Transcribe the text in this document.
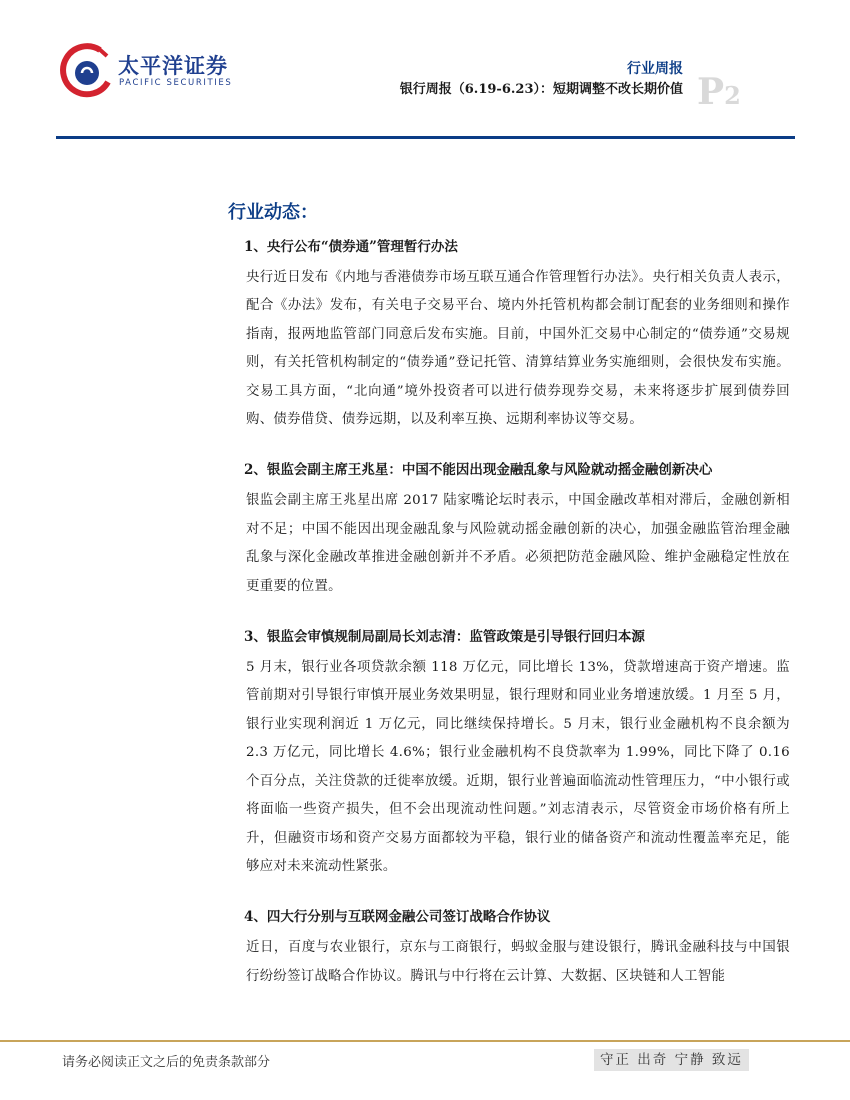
太平洋证券
PACIFIC SECURITIES
行业周报
银行周报（6.19-6.23）：短期调整不改长期价值 P2
行业动态：
1、央行公布“债券通”管理暂行办法
央行近日发布《内地与香港债券市场互联互通合作管理暂行办法》。央行相关负责人表示，配合《办法》发布，有关电子交易平台、境内外托管机构都会制订配套的业务细则和操作指南，报两地监管部门同意后发布实施。目前，中国外汇交易中心制定的“债券通”交易规则，有关托管机构制定的“债券通”登记托管、清算结算业务实施细则，会很快发布实施。交易工具方面，“北向通”境外投资者可以进行债券现券交易，未来将逐步扩展到债券回购、债券借贷、债券远期，以及利率互换、远期利率协议等交易。
2、银监会副主席王兆星：中国不能因出现金融乱象与风险就动摇金融创新决心
银监会副主席王兆星出席 2017 陆家嘴论坛时表示，中国金融改革相对滞后，金融创新相对不足；中国不能因出现金融乱象与风险就动摇金融创新的决心，加强金融监管治理金融乱象与深化金融改革推进金融创新并不矛盾。必须把防范金融风险、维护金融稳定性放在更重要的位置。
3、银监会审慎规制局副局长刘志清：监管政策是引导银行回归本源
5 月末，银行业各项贷款余额 118 万亿元，同比增长 13%，贷款增速高于资产增速。监管前期对引导银行审慎开展业务效果明显，银行理财和同业业务增速放缓。1 月至 5 月，银行业实现利润近 1 万亿元，同比继续保持增长。5 月末，银行业金融机构不良余额为 2.3 万亿元，同比增长 4.6%；银行业金融机构不良贷款率为 1.99%，同比下降了 0.16 个百分点，关注贷款的迁徙率放缓。近期，银行业普遍面临流动性管理压力，“中小银行或将面临一些资产损失，但不会出现流动性问题。”刘志清表示，尽管资金市场价格有所上升，但融资市场和资产交易方面都较为平稳，银行业的储备资产和流动性覆盖率充足，能够应对未来流动性紧张。
4、四大行分别与互联网金融公司签订战略合作协议
近日，百度与农业银行，京东与工商银行，蚂蚁金服与建设银行，腾讯金融科技与中国银行纷纷签订战略合作协议。腾讯与中行将在云计算、大数据、区块链和人工智能
请务必阅读正文之后的免责条款部分	守正 出奇 宁静 致远
